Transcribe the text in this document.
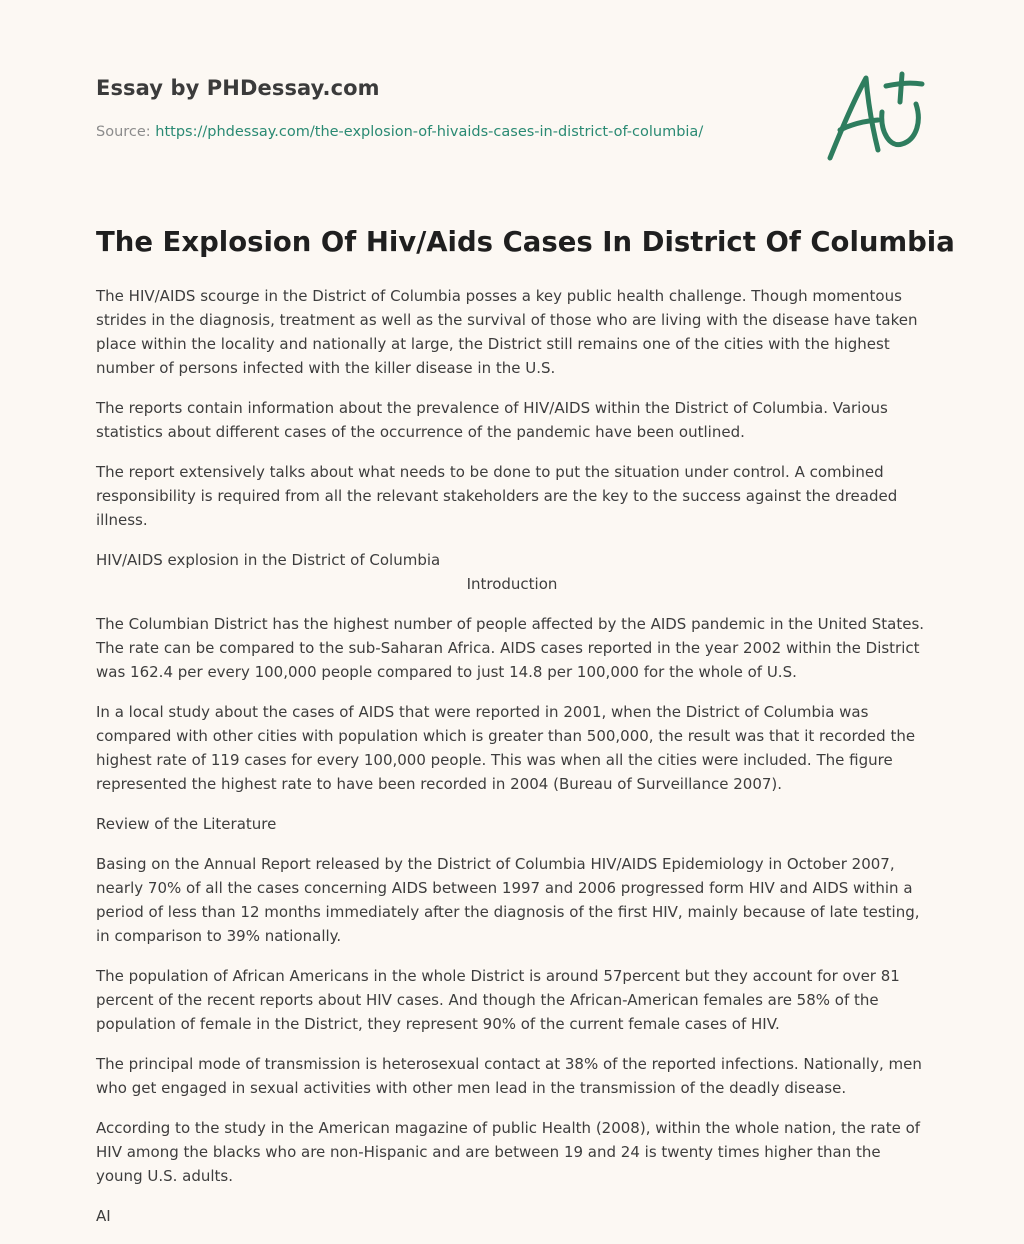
Essay by PHDessay.com
Source: https://phdessay.com/the-explosion-of-hivaids-cases-in-district-of-columbia/
The Explosion Of Hiv/Aids Cases In District Of Columbia

The HIV/AIDS scourge in the District of Columbia posses a key public health challenge. Though momentous strides in the diagnosis, treatment as well as the survival of those who are living with the disease have taken place within the locality and nationally at large, the District still remains one of the cities with the highest number of persons infected with the killer disease in the U.S.

The reports contain information about the prevalence of HIV/AIDS within the District of Columbia. Various statistics about different cases of the occurrence of the pandemic have been outlined.

The report extensively talks about what needs to be done to put the situation under control. A combined responsibility is required from all the relevant stakeholders are the key to the success against the dreaded illness.

HIV/AIDS explosion in the District of Columbia

Introduction

The Columbian District has the highest number of people affected by the AIDS pandemic in the United States. The rate can be compared to the sub-Saharan Africa. AIDS cases reported in the year 2002 within the District was 162.4 per every 100,000 people compared to just 14.8 per 100,000 for the whole of U.S.

In a local study about the cases of AIDS that were reported in 2001, when the District of Columbia was compared with other cities with population which is greater than 500,000, the result was that it recorded the highest rate of 119 cases for every 100,000 people. This was when all the cities were included. The figure represented the highest rate to have been recorded in 2004 (Bureau of Surveillance 2007).

Review of the Literature

Basing on the Annual Report released by the District of Columbia HIV/AIDS Epidemiology in October 2007, nearly 70% of all the cases concerning AIDS between 1997 and 2006 progressed form HIV and AIDS within a period of less than 12 months immediately after the diagnosis of the first HIV, mainly because of late testing, in comparison to 39% nationally.

The population of African Americans in the whole District is around 57percent but they account for over 81 percent of the recent reports about HIV cases. And though the African-American females are 58% of the population of female in the District, they represent 90% of the current female cases of HIV.

The principal mode of transmission is heterosexual contact at 38% of the reported infections. Nationally, men who get engaged in sexual activities with other men lead in the transmission of the deadly disease.

According to the study in the American magazine of public Health (2008), within the whole nation, the rate of HIV among the blacks who are non-Hispanic and are between 19 and 24 is twenty times higher than the young U.S. adults.

AI
